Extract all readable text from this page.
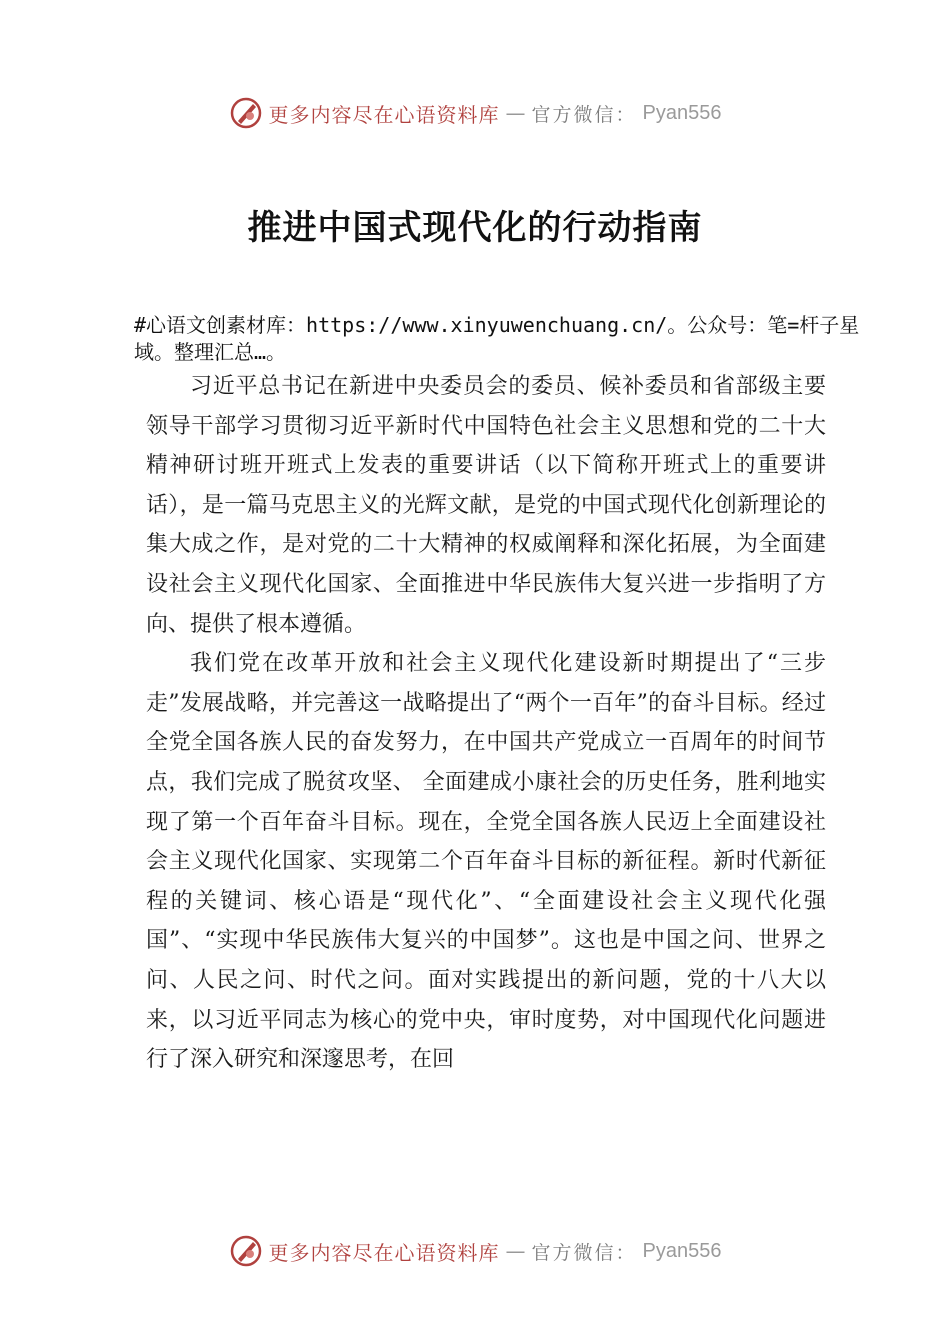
更多内容尽在心语资料库 — 官方微信： Pyan556
推进中国式现代化的行动指南
#心语文创素材库：https://www.xinyuwenchuang.cn/。公众号：笔=杆子星域。整理汇总…。

习近平总书记在新进中央委员会的委员、候补委员和省部级主要领导干部学习贯彻习近平新时代中国特色社会主义思想和党的二十大精神研讨班开班式上发表的重要讲话（以下简称开班式上的重要讲话），是一篇马克思主义的光辉文献，是党的中国式现代化创新理论的集大成之作，是对党的二十大精神的权威阐释和深化拓展，为全面建设社会主义现代化国家、全面推进中华民族伟大复兴进一步指明了方向、提供了根本遵循。

我们党在改革开放和社会主义现代化建设新时期提出了“三步走”发展战略，并完善这一战略提出了“两个一百年”的奋斗目标。经过全党全国各族人民的奋发努力，在中国共产党成立一百周年的时间节点，我们完成了脱贫攻坚、 全面建成小康社会的历史任务，胜利地实现了第一个百年奋斗目标。现在，全党全国各族人民迈上全面建设社会主义现代化国家、实现第二个百年奋斗目标的新征程。新时代新征程的关键词、核心语是“现代化”、“全面建设社会主义现代化强国”、“实现中华民族伟大复兴的中国梦”。这也是中国之问、世界之问、人民之问、时代之问。面对实践提出的新问题，党的十八大以来，以习近平同志为核心的党中央，审时度势，对中国现代化问题进行了深入研究和深邃思考，在回

更多内容尽在心语资料库 — 官方微信： Pyan556
